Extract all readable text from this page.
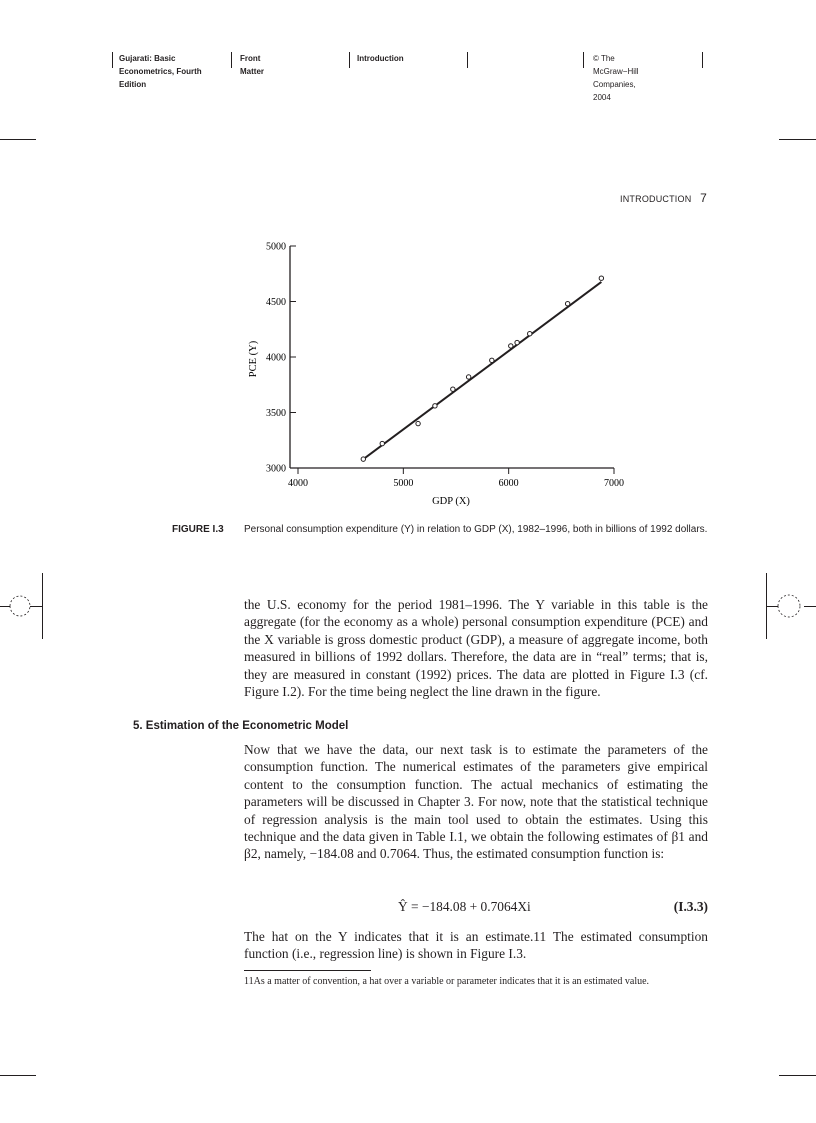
Gujarati: Basic
Econometrics, Fourth
Edition
Front Matter
Introduction	© The McGraw−Hill
Companies, 2004
INTRODUCTION 7
4000	5000	6000	7000
3000
3500
4000
4500
5000
GDP (X)
PCE (Y)
FIGURE I.3 Personal consumption expenditure (Y) in relation to GDP (X), 1982–1996, both in billions of 1992 dollars.
the U.S. economy for the period 1981–1996. The Y variable in this table is the aggregate (for the economy as a whole) personal consumption expenditure (PCE) and the X variable is gross domestic product (GDP), a measure of aggregate income, both measured in billions of 1992 dollars. Therefore, the data are in “real” terms; that is, they are measured in constant (1992) prices. The data are plotted in Figure I.3 (cf. Figure I.2). For the time being neglect the line drawn in the figure.
5. Estimation of the Econometric Model
Now that we have the data, our next task is to estimate the parameters of the consumption function. The numerical estimates of the parameters give empirical content to the consumption function. The actual mechanics of estimating the parameters will be discussed in Chapter 3. For now, note that the statistical technique of regression analysis is the main tool used to obtain the estimates. Using this technique and the data given in Table I.1, we obtain the following estimates of β1 and β2, namely, −184.08 and 0.7064. Thus, the estimated consumption function is:
Ŷ = −184.08 + 0.7064Xi	(I.3.3)
The hat on the Y indicates that it is an estimate.11 The estimated consumption function (i.e., regression line) is shown in Figure I.3.
11As a matter of convention, a hat over a variable or parameter indicates that it is an estimated value.
